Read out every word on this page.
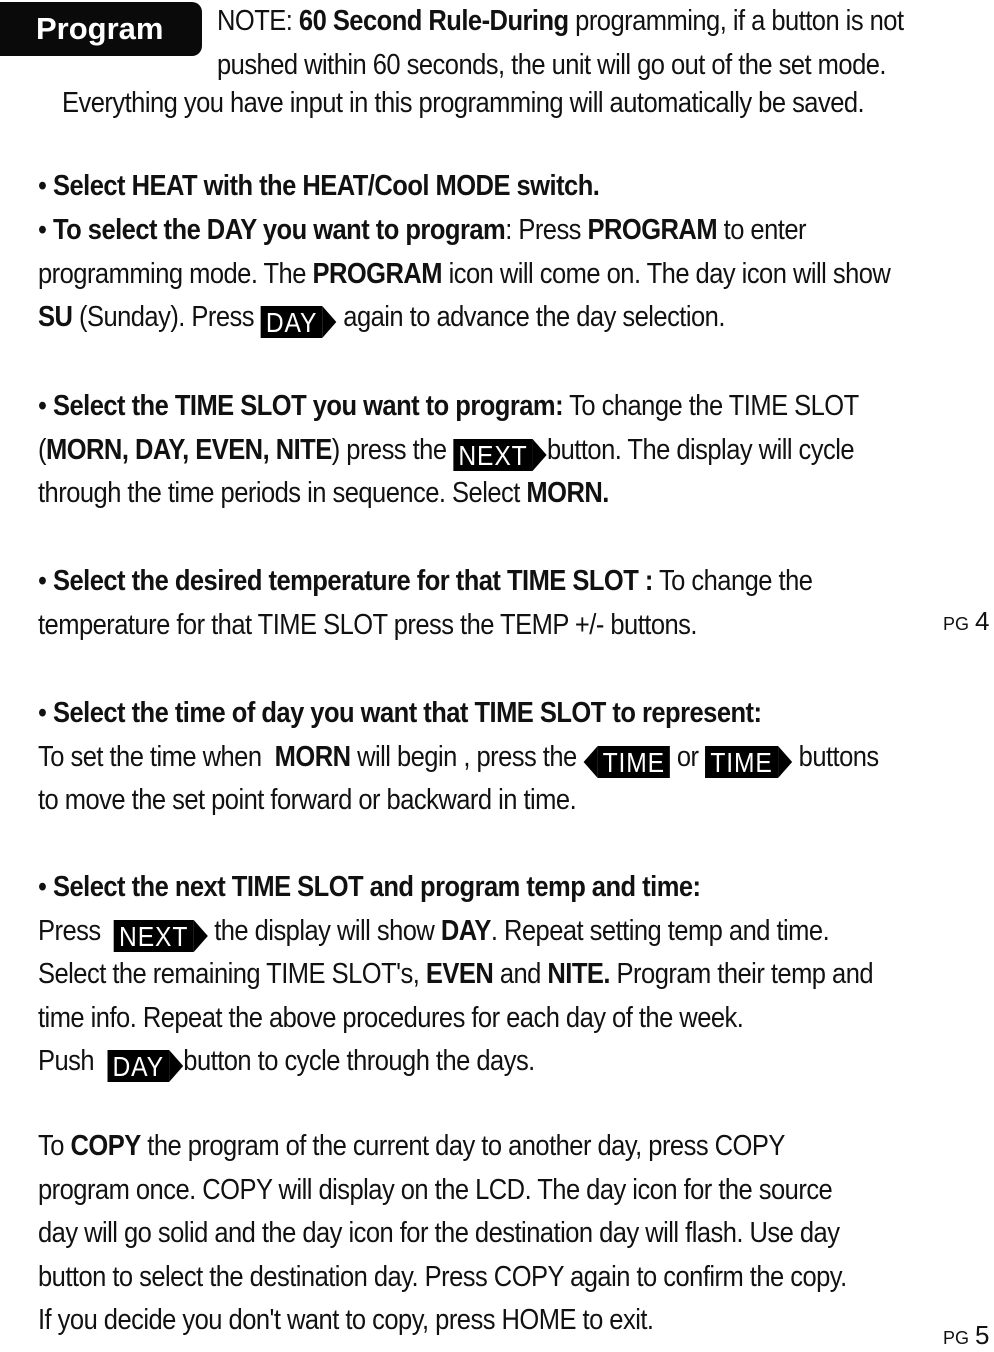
Program	NOTE: 60 Second Rule-During programming, if a button is not
pushed within 60 seconds, the unit will go out of the set mode.
Everything you have input in this programming will automatically be saved.
• Select HEAT with the HEAT/Cool MODE switch.
• To select the DAY you want to program: Press PROGRAM to enter
programming mode. The PROGRAM icon will come on. The day icon will show
SU (Sunday). Press DAY again to advance the day selection.
• Select the TIME SLOT you want to program: To change the TIME SLOT
(MORN, DAY, EVEN, NITE) press the NEXT button. The display will cycle
through the time periods in sequence. Select MORN.
• Select the desired temperature for that TIME SLOT : To change the
temperature for that TIME SLOT press the TEMP +/- buttons.
• Select the time of day you want that TIME SLOT to represent:
To set the time when MORN will begin , press the TIME or TIME buttons
to move the set point forward or backward in time.
• Select the next TIME SLOT and program temp and time:
Press NEXT the display will show DAY. Repeat setting temp and time.
Select the remaining TIME SLOT's, EVEN and NITE. Program their temp and
time info. Repeat the above procedures for each day of the week.
Push DAY button to cycle through the days.
To COPY the program of the current day to another day, press COPY
program once. COPY will display on the LCD. The day icon for the source
day will go solid and the day icon for the destination day will flash. Use day
button to select the destination day. Press COPY again to confirm the copy.
If you decide you don't want to copy, press HOME to exit.
PG 4
PG 5
